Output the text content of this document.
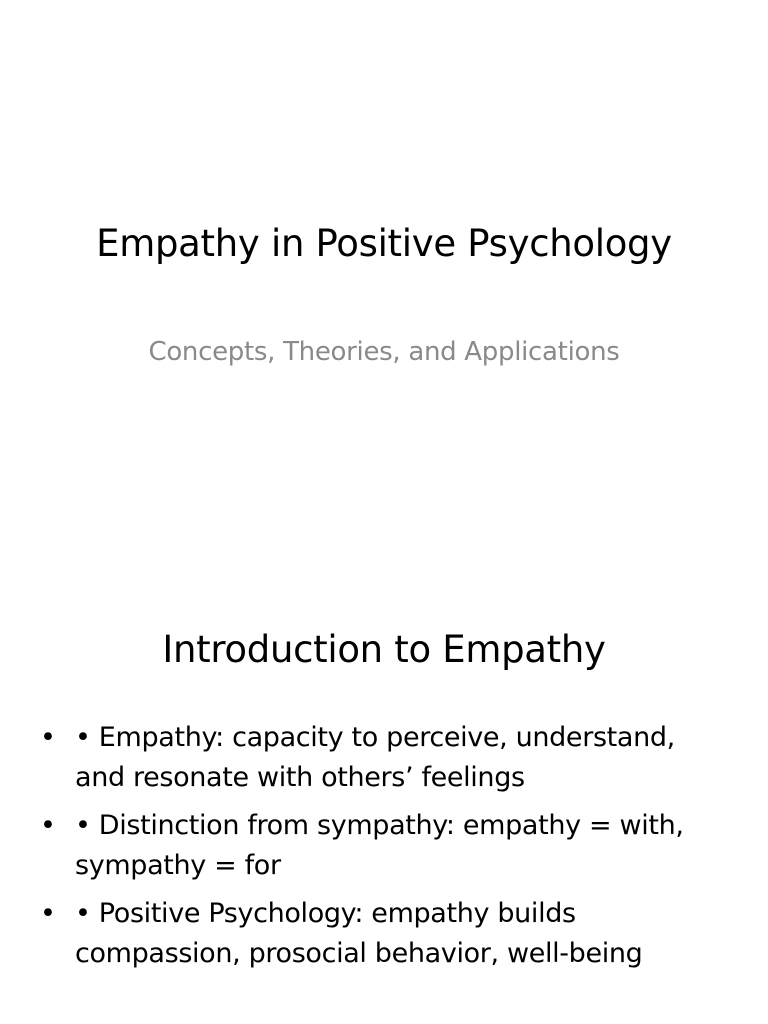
Empathy in Positive Psychology
Concepts, Theories, and Applications
Introduction to Empathy
• • Empathy: capacity to perceive, understand, and resonate with others’ feelings
• • Distinction from sympathy: empathy = with, sympathy = for
• • Positive Psychology: empathy builds compassion, prosocial behavior, well-being
